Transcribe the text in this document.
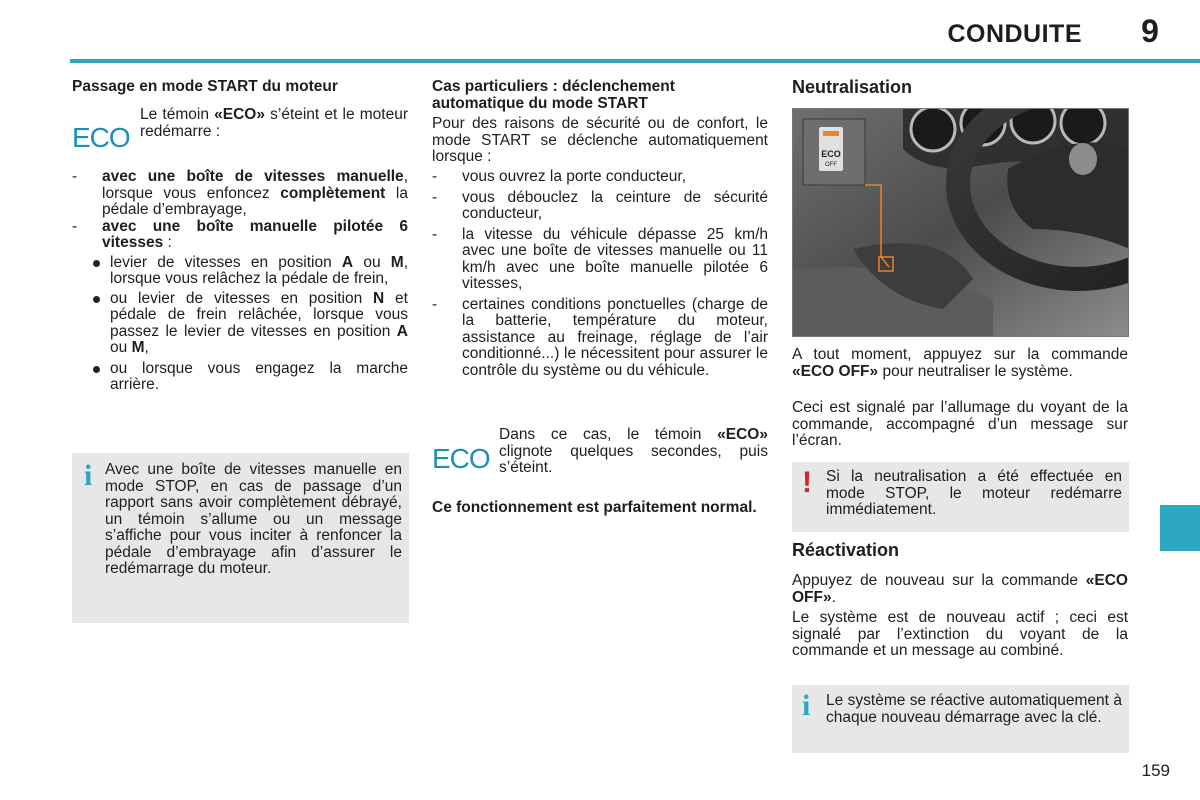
CONDUITE	9
Passage en mode START du moteur
ECO
Le témoin «ECO» s’éteint et le moteur redémarre :
- avec une boîte de vitesses manuelle, lorsque vous enfoncez complètement la pédale d’embrayage,
- avec une boîte manuelle pilotée 6 vitesses :
levier de vitesses en position A ou M, lorsque vous relâchez la pédale de frein,
ou levier de vitesses en position N et pédale de frein relâchée, lorsque vous passez le levier de vitesses en position A ou M,
ou lorsque vous engagez la marche arrière.
i Avec une boîte de vitesses manuelle en mode STOP, en cas de passage d’un rapport sans avoir complètement débrayé, un témoin s’allume ou un message s’affiche pour vous inciter à renfoncer la pédale d’embrayage afin d’assurer le redémarrage du moteur.
Cas particuliers : déclenchement automatique du mode START
Pour des raisons de sécurité ou de confort, le mode START se déclenche automatiquement lorsque :
- vous ouvrez la porte conducteur,
- vous débouclez la ceinture de sécurité conducteur,
- la vitesse du véhicule dépasse 25 km/h avec une boîte de vitesses manuelle ou 11 km/h avec une boîte manuelle pilotée 6 vitesses,
- certaines conditions ponctuelles (charge de la batterie, température du moteur, assistance au freinage, réglage de l’air conditionné...) le nécessitent pour assurer le contrôle du système ou du véhicule.
ECO
Dans ce cas, le témoin «ECO» clignote quelques secondes, puis s’éteint.
Ce fonctionnement est parfaitement normal.
Neutralisation
ECO
OFF
A tout moment, appuyez sur la commande «ECO OFF» pour neutraliser le système.
Ceci est signalé par l’allumage du voyant de la commande, accompagné d’un message sur l’écran.
! Si la neutralisation a été effectuée en mode STOP, le moteur redémarre immédiatement.
Réactivation
Appuyez de nouveau sur la commande «ECO OFF».
Le système est de nouveau actif ; ceci est signalé par l’extinction du voyant de la commande et un message au combiné.
i Le système se réactive automatiquement à chaque nouveau démarrage avec la clé.
159
